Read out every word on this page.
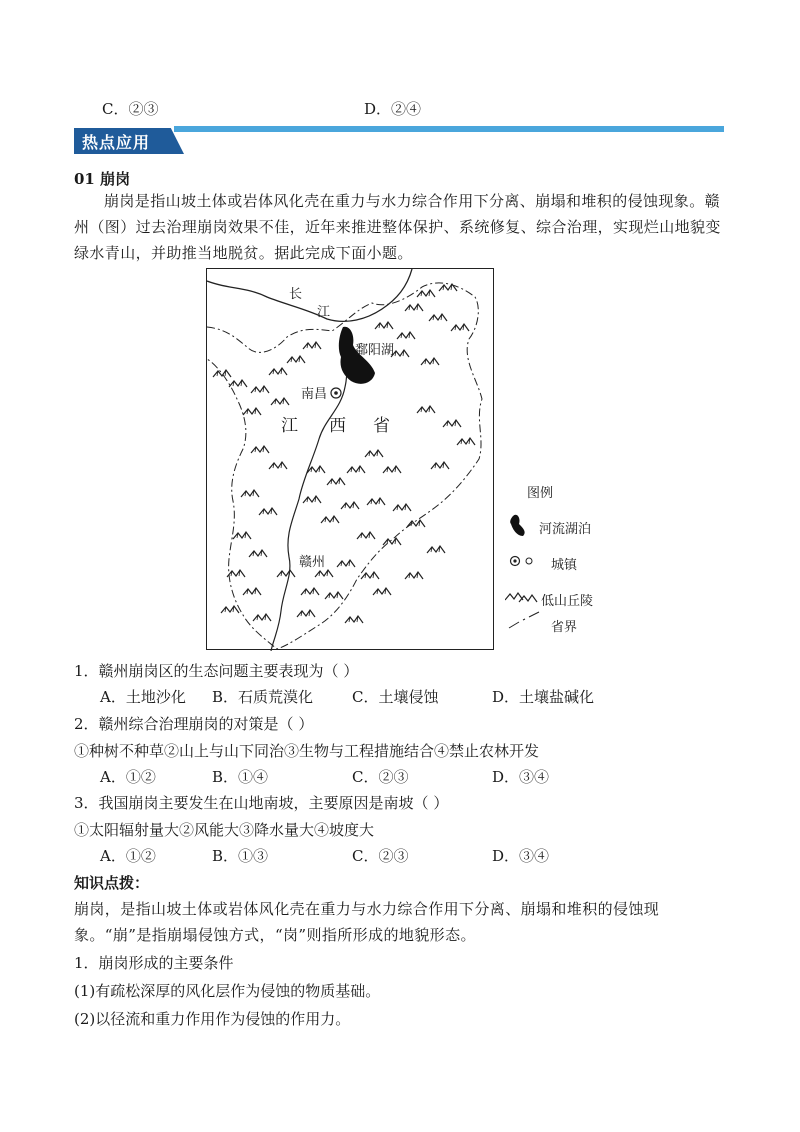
C．②③	D．②④
热点应用
01 崩岗
崩岗是指山坡土体或岩体风化壳在重力与水力综合作用下分离、崩塌和堆积的侵蚀现象。赣州（图）过去治理崩岗效果不佳，近年来推进整体保护、系统修复、综合治理，实现烂山地貌变绿水青山，并助推当地脱贫。据此完成下面小题。
长
江
鄱阳湖
南昌
江 西 省
赣州
图例
河流湖泊
城镇
低山丘陵
省界
1．赣州崩岗区的生态问题主要表现为（ ）
A．土地沙化 B．石质荒漠化	C．土壤侵蚀	D．土壤盐碱化
2．赣州综合治理崩岗的对策是（ ）
①种树不种草②山上与山下同治③生物与工程措施结合④禁止农林开发
A．①②	B．①④	C．②③	D．③④
3．我国崩岗主要发生在山地南坡，主要原因是南坡（ ）
①太阳辐射量大②风能大③降水量大④坡度大
A．①②	B．①③	C．②③	D．③④
知识点拨：
崩岗，是指山坡土体或岩体风化壳在重力与水力综合作用下分离、崩塌和堆积的侵蚀现象。“崩”是指崩塌侵蚀方式，“岗”则指所形成的地貌形态。
1．崩岗形成的主要条件
(1)有疏松深厚的风化层作为侵蚀的物质基础。
(2)以径流和重力作用作为侵蚀的作用力。
